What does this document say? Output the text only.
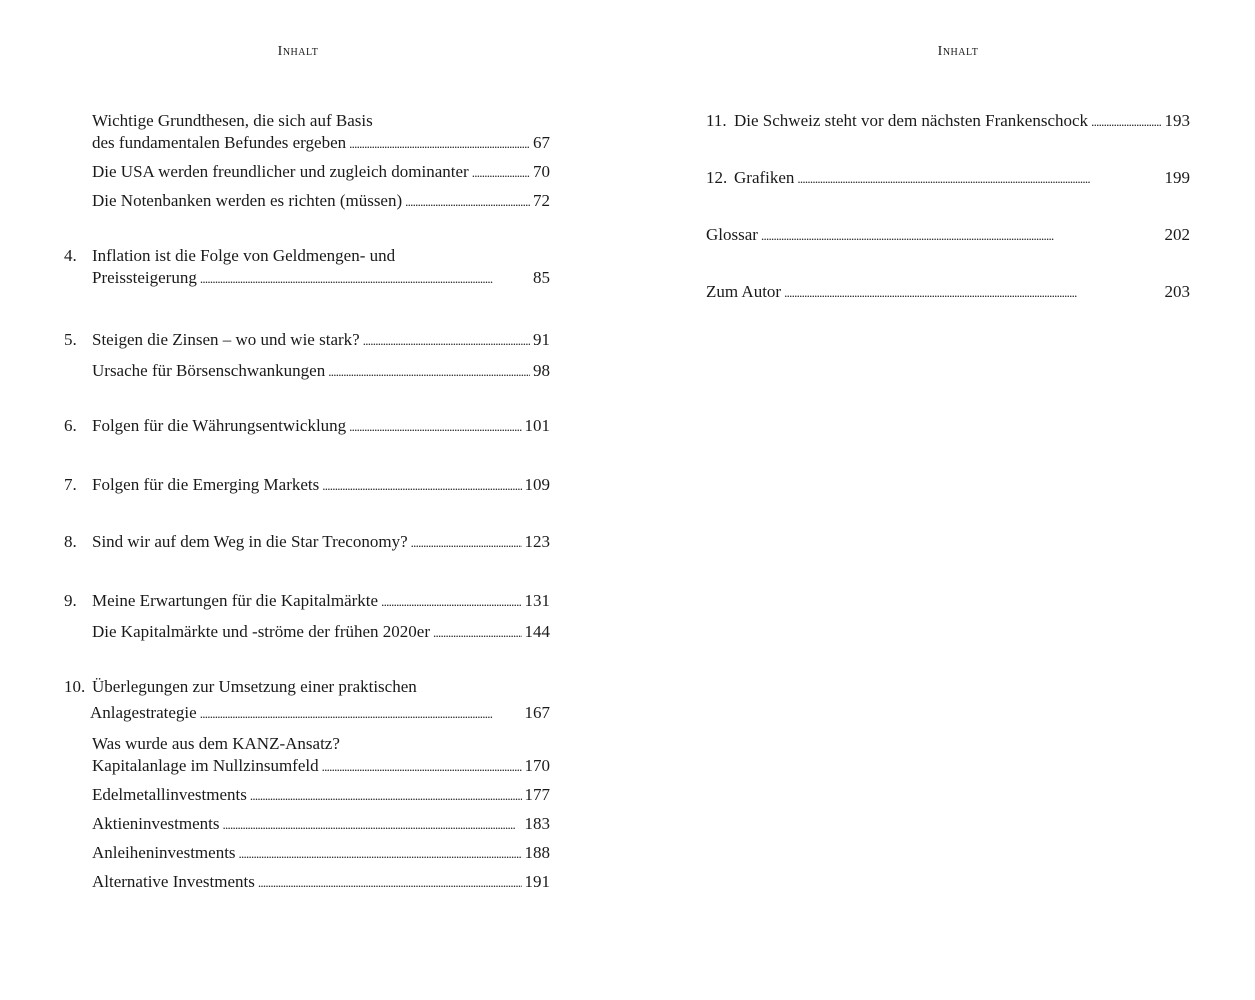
Inhalt
Wichtige Grundthesen, die sich auf Basis
des fundamentalen Befundes ergeben . . .	67
Die USA werden freundlicher und zugleich dominanter . . .	70
Die Notenbanken werden es richten (müssen) . . .	72
4. Inflation ist die Folge von Geldmengen- und
Preissteigerung . . .	85
5. Steigen die Zinsen – wo und wie stark? . . .	91
Ursache für Börsenschwankungen . . .	98
6. Folgen für die Währungsentwicklung . . .	101
7. Folgen für die Emerging Markets . . .	109
8. Sind wir auf dem Weg in die Star Treconomy? . . .	123
9. Meine Erwartungen für die Kapitalmärkte . . .	131
Die Kapitalmärkte und -ströme der frühen 2020er . . .	144
10. Überlegungen zur Umsetzung einer praktischen
Anlagestrategie . . .	167
Was wurde aus dem KANZ-Ansatz?
Kapitalanlage im Nullzinsumfeld . . .	170
Edelmetallinvestments . . .	177
Aktieninvestments . . .	183
Anleiheninvestments . . .	188
Alternative Investments . . .	191
Inhalt
11. Die Schweiz steht vor dem nächsten Frankenschock . . .	193
12. Grafiken . . .	199
Glossar . . .	202
Zum Autor . . .	203
